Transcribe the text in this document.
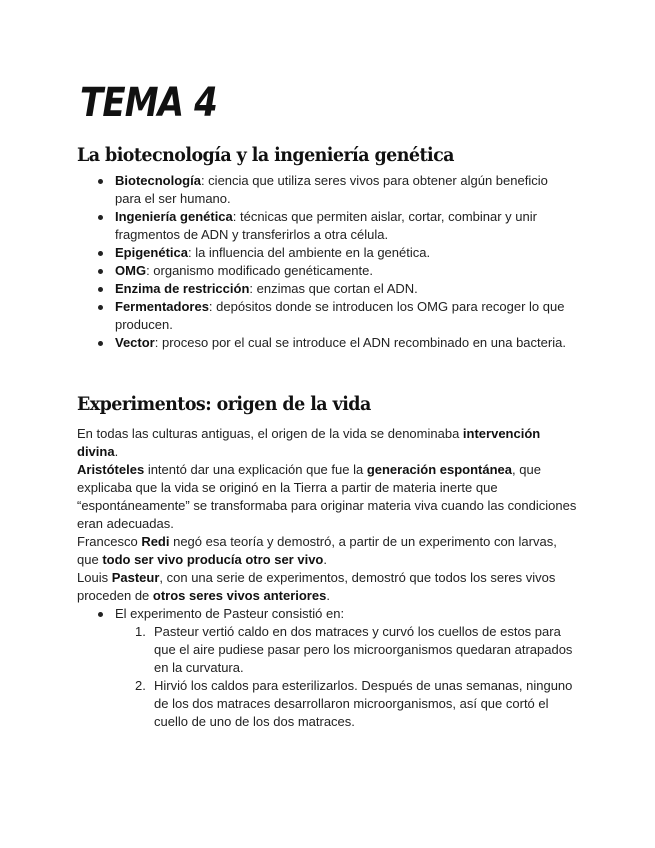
TEMA 4
La biotecnología y la ingeniería genética
Biotecnología: ciencia que utiliza seres vivos para obtener algún beneficio para el ser humano.
Ingeniería genética: técnicas que permiten aislar, cortar, combinar y unir fragmentos de ADN y transferirlos a otra célula.
Epigenética: la influencia del ambiente en la genética.
OMG: organismo modificado genéticamente.
Enzima de restricción: enzimas que cortan el ADN.
Fermentadores: depósitos donde se introducen los OMG para recoger lo que producen.
Vector: proceso por el cual se introduce el ADN recombinado en una bacteria.
Experimentos: origen de la vida

En todas las culturas antiguas, el origen de la vida se denominaba intervención divina.

Aristóteles intentó dar una explicación que fue la generación espontánea, que explicaba que la vida se originó en la Tierra a partir de materia inerte que “espontáneamente” se transformaba para originar materia viva cuando las condiciones eran adecuadas.

Francesco Redi negó esa teoría y demostró, a partir de un experimento con larvas, que todo ser vivo producía otro ser vivo.

Louis Pasteur, con una serie de experimentos, demostró que todos los seres vivos proceden de otros seres vivos anteriores.

El experimento de Pasteur consistió en:
1. Pasteur vertió caldo en dos matraces y curvó los cuellos de estos para que el aire pudiese pasar pero los microorganismos quedaran atrapados en la curvatura.
2. Hirvió los caldos para esterilizarlos. Después de unas semanas, ninguno de los dos matraces desarrollaron microorganismos, así que cortó el cuello de uno de los dos matraces.
